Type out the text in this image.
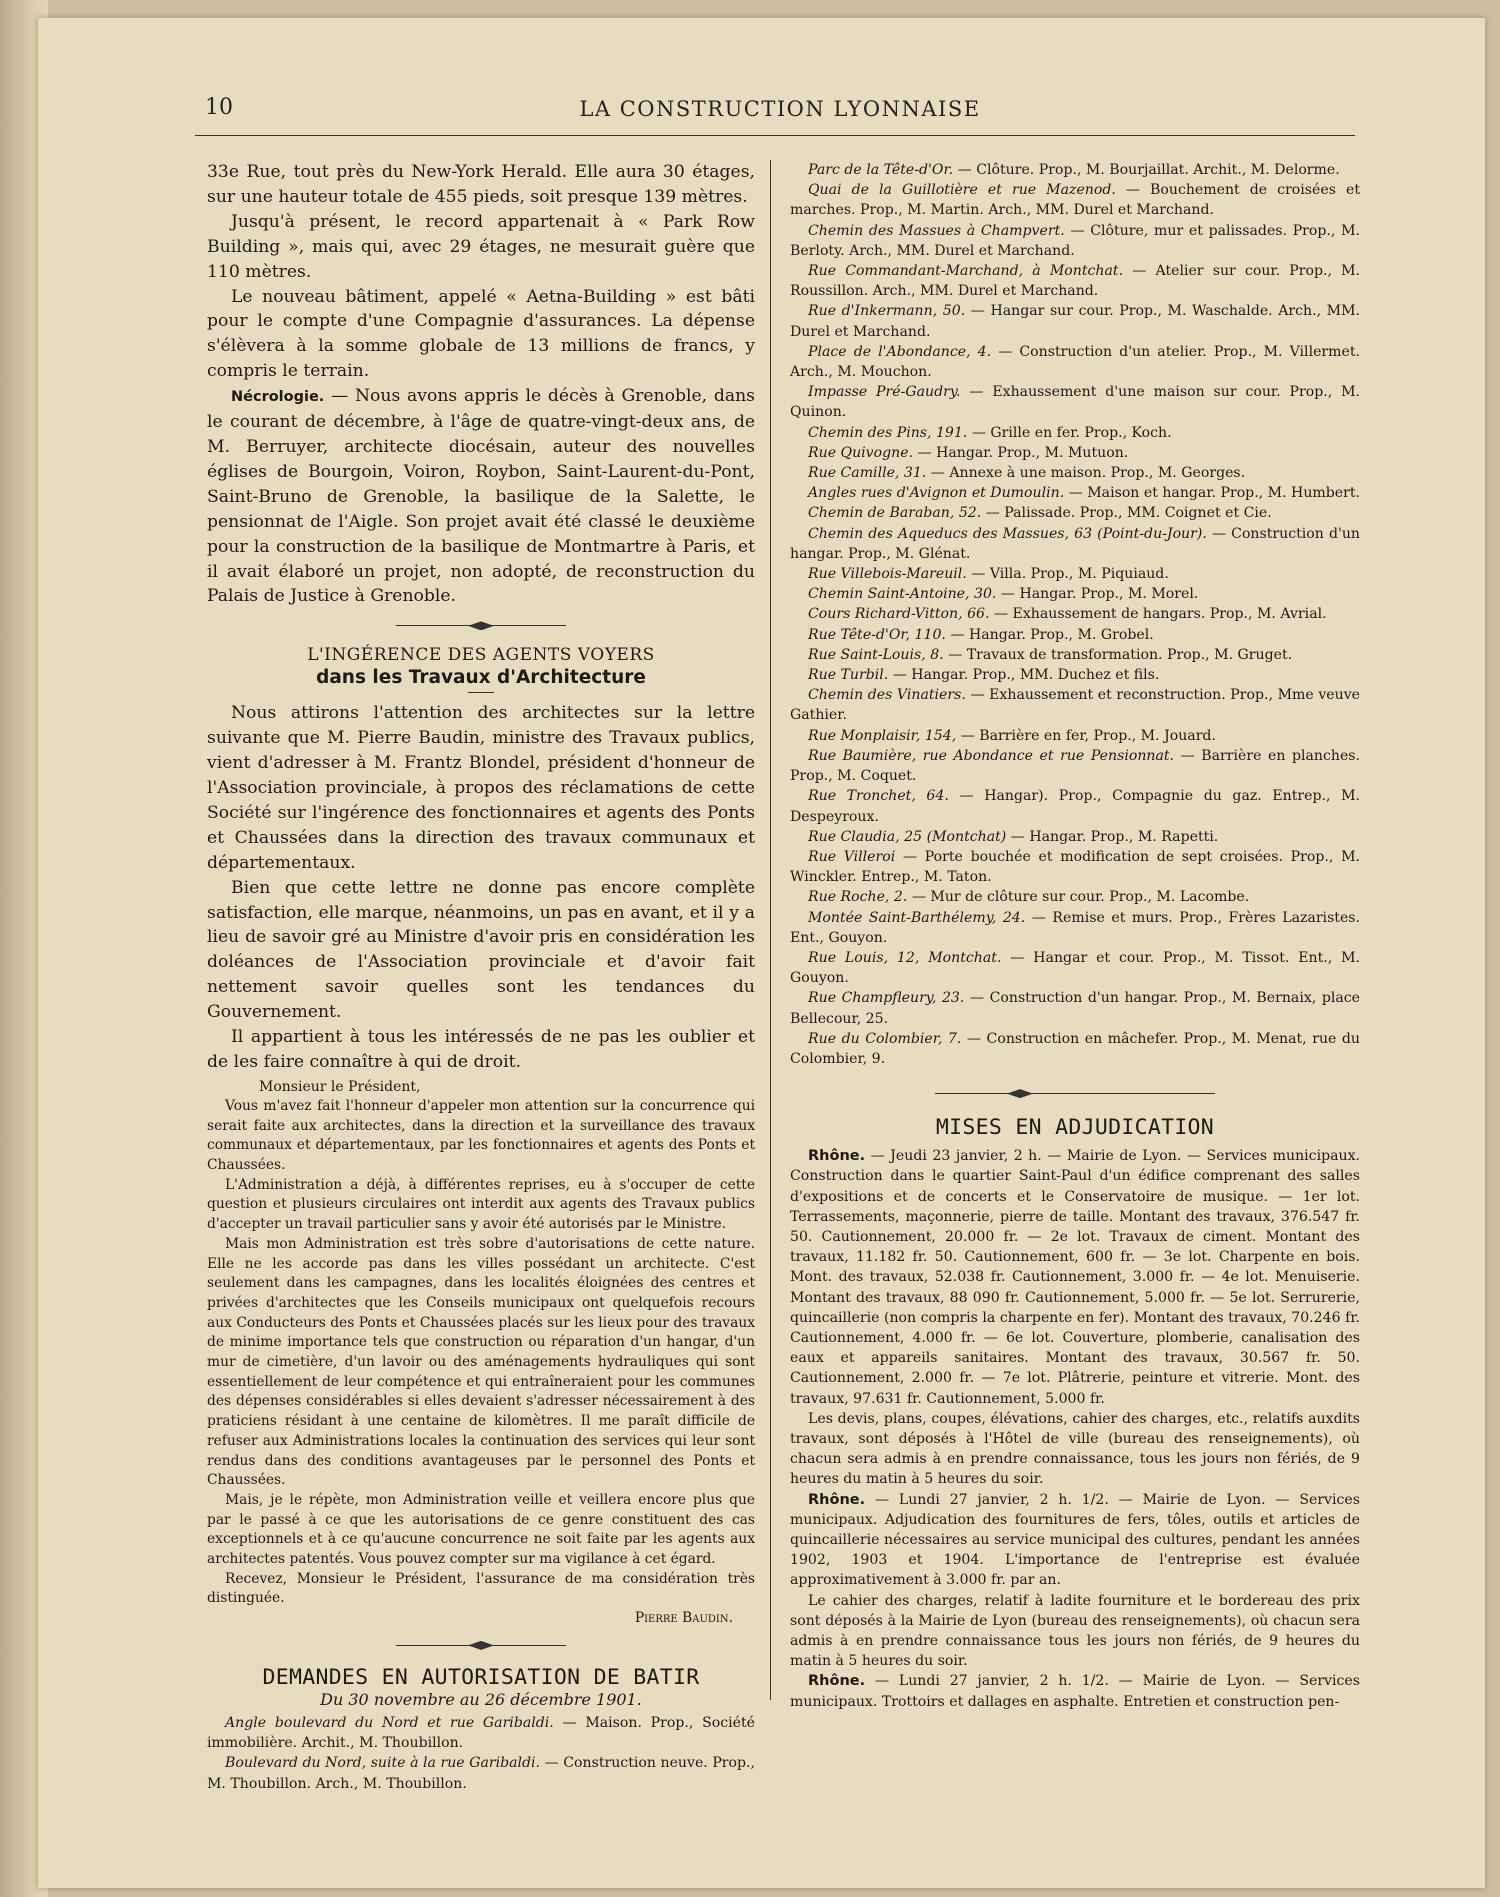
10	LA CONSTRUCTION LYONNAISE

33e Rue, tout près du New-York Herald. Elle aura 30 étages, sur une hauteur totale de 455 pieds, soit presque 139 mètres.

Jusqu'à présent, le record appartenait à « Park Row Building », mais qui, avec 29 étages, ne mesurait guère que 110 mètres.

Le nouveau bâtiment, appelé « Aetna-Building » est bâti pour le compte d'une Compagnie d'assurances. La dépense s'élèvera à la somme globale de 13 millions de francs, y compris le terrain.

Nécrologie. — Nous avons appris le décès à Grenoble, dans le courant de décembre, à l'âge de quatre-vingt-deux ans, de M. Berruyer, architecte diocésain, auteur des nouvelles églises de Bourgoin, Voiron, Roybon, Saint-Laurent-du-Pont, Saint-Bruno de Grenoble, la basilique de la Salette, le pensionnat de l'Aigle. Son projet avait été classé le deuxième pour la construction de la basilique de Montmartre à Paris, et il avait élaboré un projet, non adopté, de reconstruction du Palais de Justice à Grenoble.

L'INGÉRENCE DES AGENTS VOYERS
dans les Travaux d'Architecture

Nous attirons l'attention des architectes sur la lettre suivante que M. Pierre Baudin, ministre des Travaux publics, vient d'adresser à M. Frantz Blondel, président d'honneur de l'Association provinciale, à propos des réclamations de cette Société sur l'ingérence des fonctionnaires et agents des Ponts et Chaussées dans la direction des travaux communaux et départementaux.

Bien que cette lettre ne donne pas encore complète satisfaction, elle marque, néanmoins, un pas en avant, et il y a lieu de savoir gré au Ministre d'avoir pris en considération les doléances de l'Association provinciale et d'avoir fait nettement savoir quelles sont les tendances du Gouvernement.

Il appartient à tous les intéressés de ne pas les oublier et de les faire connaître à qui de droit.

Monsieur le Président,

Vous m'avez fait l'honneur d'appeler mon attention sur la concurrence qui serait faite aux architectes, dans la direction et la surveillance des travaux communaux et départementaux, par les fonctionnaires et agents des Ponts et Chaussées.

L'Administration a déjà, à différentes reprises, eu à s'occuper de cette question et plusieurs circulaires ont interdit aux agents des Travaux publics d'accepter un travail particulier sans y avoir été autorisés par le Ministre.

Mais mon Administration est très sobre d'autorisations de cette nature. Elle ne les accorde pas dans les villes possédant un architecte. C'est seulement dans les campagnes, dans les localités éloignées des centres et privées d'architectes que les Conseils municipaux ont quelquefois recours aux Conducteurs des Ponts et Chaussées placés sur les lieux pour des travaux de minime importance tels que construction ou réparation d'un hangar, d'un mur de cimetière, d'un lavoir ou des aménagements hydrauliques qui sont essentiellement de leur compétence et qui entraîneraient pour les communes des dépenses considérables si elles devaient s'adresser nécessairement à des praticiens résidant à une centaine de kilomètres. Il me paraît difficile de refuser aux Administrations locales la continuation des services qui leur sont rendus dans des conditions avantageuses par le personnel des Ponts et Chaussées.

Mais, je le répète, mon Administration veille et veillera encore plus que par le passé à ce que les autorisations de ce genre constituent des cas exceptionnels et à ce qu'aucune concurrence ne soit faite par les agents aux architectes patentés. Vous pouvez compter sur ma vigilance à cet égard.

Recevez, Monsieur le Président, l'assurance de ma considération très distinguée.

Pierre Baudin.
DEMANDES EN AUTORISATION DE BATIR
Du 30 novembre au 26 décembre 1901.

Angle boulevard du Nord et rue Garibaldi. — Maison. Prop., Société immobilière. Archit., M. Thoubillon.

Boulevard du Nord, suite à la rue Garibaldi. — Construction neuve. Prop., M. Thoubillon. Arch., M. Thoubillon.

Parc de la Tête-d'Or. — Clôture. Prop., M. Bourjaillat. Archit., M. Delorme.

Quai de la Guillotière et rue Mazenod. — Bouchement de croisées et marches. Prop., M. Martin. Arch., MM. Durel et Marchand.

Chemin des Massues à Champvert. — Clôture, mur et palissades. Prop., M. Berloty. Arch., MM. Durel et Marchand.

Rue Commandant-Marchand, à Montchat. — Atelier sur cour. Prop., M. Roussillon. Arch., MM. Durel et Marchand.

Rue d'Inkermann, 50. — Hangar sur cour. Prop., M. Waschalde. Arch., MM. Durel et Marchand.

Place de l'Abondance, 4. — Construction d'un atelier. Prop., M. Villermet. Arch., M. Mouchon.

Impasse Pré-Gaudry. — Exhaussement d'une maison sur cour. Prop., M. Quinon.

Chemin des Pins, 191. — Grille en fer. Prop., Koch.

Rue Quivogne. — Hangar. Prop., M. Mutuon.

Rue Camille, 31. — Annexe à une maison. Prop., M. Georges.

Angles rues d'Avignon et Dumoulin. — Maison et hangar. Prop., M. Humbert.

Chemin de Baraban, 52. — Palissade. Prop., MM. Coignet et Cie.

Chemin des Aqueducs des Massues, 63 (Point-du-Jour). — Construction d'un hangar. Prop., M. Glénat.

Rue Villebois-Mareuil. — Villa. Prop., M. Piquiaud.

Chemin Saint-Antoine, 30. — Hangar. Prop., M. Morel.

Cours Richard-Vitton, 66. — Exhaussement de hangars. Prop., M. Avrial.

Rue Tête-d'Or, 110. — Hangar. Prop., M. Grobel.

Rue Saint-Louis, 8. — Travaux de transformation. Prop., M. Gruget.

Rue Turbil. — Hangar. Prop., MM. Duchez et fils.

Chemin des Vinatiers. — Exhaussement et reconstruction. Prop., Mme veuve Gathier.

Rue Monplaisir, 154, — Barrière en fer, Prop., M. Jouard.

Rue Baumière, rue Abondance et rue Pensionnat. — Barrière en planches. Prop., M. Coquet.

Rue Tronchet, 64. — Hangar). Prop., Compagnie du gaz. Entrep., M. Despeyroux.

Rue Claudia, 25 (Montchat) — Hangar. Prop., M. Rapetti.

Rue Villeroi — Porte bouchée et modification de sept croisées. Prop., M. Winckler. Entrep., M. Taton.

Rue Roche, 2. — Mur de clôture sur cour. Prop., M. Lacombe.

Montée Saint-Barthélemy, 24. — Remise et murs. Prop., Frères Lazaristes. Ent., Gouyon.

Rue Louis, 12, Montchat. — Hangar et cour. Prop., M. Tissot. Ent., M. Gouyon.

Rue Champfleury, 23. — Construction d'un hangar. Prop., M. Bernaix, place Bellecour, 25.

Rue du Colombier, 7. — Construction en mâchefer. Prop., M. Menat, rue du Colombier, 9.

MISES EN ADJUDICATION

Rhône. — Jeudi 23 janvier, 2 h. — Mairie de Lyon. — Services municipaux. Construction dans le quartier Saint-Paul d'un édifice comprenant des salles d'expositions et de concerts et le Conservatoire de musique. — 1er lot. Terrassements, maçonnerie, pierre de taille. Montant des travaux, 376.547 fr. 50. Cautionnement, 20.000 fr. — 2e lot. Travaux de ciment. Montant des travaux, 11.182 fr. 50. Cautionnement, 600 fr. — 3e lot. Charpente en bois. Mont. des travaux, 52.038 fr. Cautionnement, 3.000 fr. — 4e lot. Menuiserie. Montant des travaux, 88 090 fr. Cautionnement, 5.000 fr. — 5e lot. Serrurerie, quincaillerie (non compris la charpente en fer). Montant des travaux, 70.246 fr. Cautionnement, 4.000 fr. — 6e lot. Couverture, plomberie, canalisation des eaux et appareils sanitaires. Montant des travaux, 30.567 fr. 50. Cautionnement, 2.000 fr. — 7e lot. Plâtrerie, peinture et vitrerie. Mont. des travaux, 97.631 fr. Cautionnement, 5.000 fr.

Les devis, plans, coupes, élévations, cahier des charges, etc., relatifs auxdits travaux, sont déposés à l'Hôtel de ville (bureau des renseignements), où chacun sera admis à en prendre connaissance, tous les jours non fériés, de 9 heures du matin à 5 heures du soir.

Rhône. — Lundi 27 janvier, 2 h. 1/2. — Mairie de Lyon. — Services municipaux. Adjudication des fournitures de fers, tôles, outils et articles de quincaillerie nécessaires au service municipal des cultures, pendant les années 1902, 1903 et 1904. L'importance de l'entreprise est évaluée approximativement à 3.000 fr. par an.

Le cahier des charges, relatif à ladite fourniture et le bordereau des prix sont déposés à la Mairie de Lyon (bureau des renseignements), où chacun sera admis à en prendre connaissance tous les jours non fériés, de 9 heures du matin à 5 heures du soir.

Rhône. — Lundi 27 janvier, 2 h. 1/2. — Mairie de Lyon. — Services municipaux. Trottoirs et dallages en asphalte. Entretien et construction pen-
